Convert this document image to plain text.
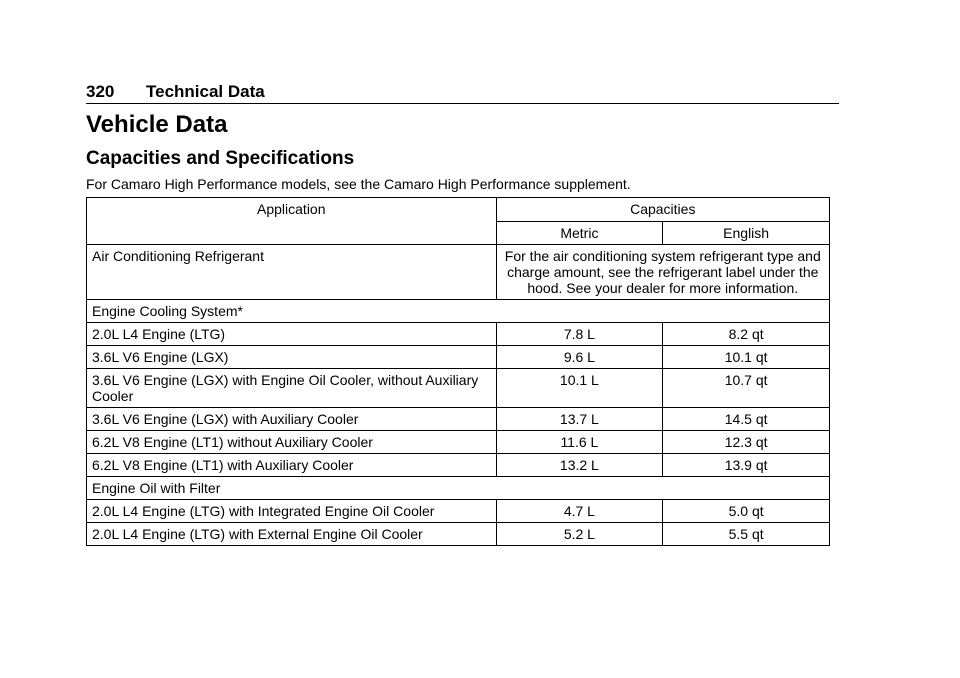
320 Technical Data
Vehicle Data
Capacities and Specifications

For Camaro High Performance models, see the Camaro High Performance supplement.

Application	Capacities	
	Metric	English
Air Conditioning Refrigerant	For the air conditioning system refrigerant type and charge amount, see the refrigerant label under the hood. See your dealer for more information.	
Engine Cooling System*		
2.0L L4 Engine (LTG)	7.8 L	8.2 qt
3.6L V6 Engine (LGX)	9.6 L	10.1 qt
3.6L V6 Engine (LGX) with Engine Oil Cooler, without Auxiliary Cooler	10.1 L	10.7 qt
3.6L V6 Engine (LGX) with Auxiliary Cooler	13.7 L	14.5 qt
6.2L V8 Engine (LT1) without Auxiliary Cooler	11.6 L	12.3 qt
6.2L V8 Engine (LT1) with Auxiliary Cooler	13.2 L	13.9 qt
Engine Oil with Filter		
2.0L L4 Engine (LTG) with Integrated Engine Oil Cooler	4.7 L	5.0 qt
2.0L L4 Engine (LTG) with External Engine Oil Cooler	5.2 L	5.5 qt
